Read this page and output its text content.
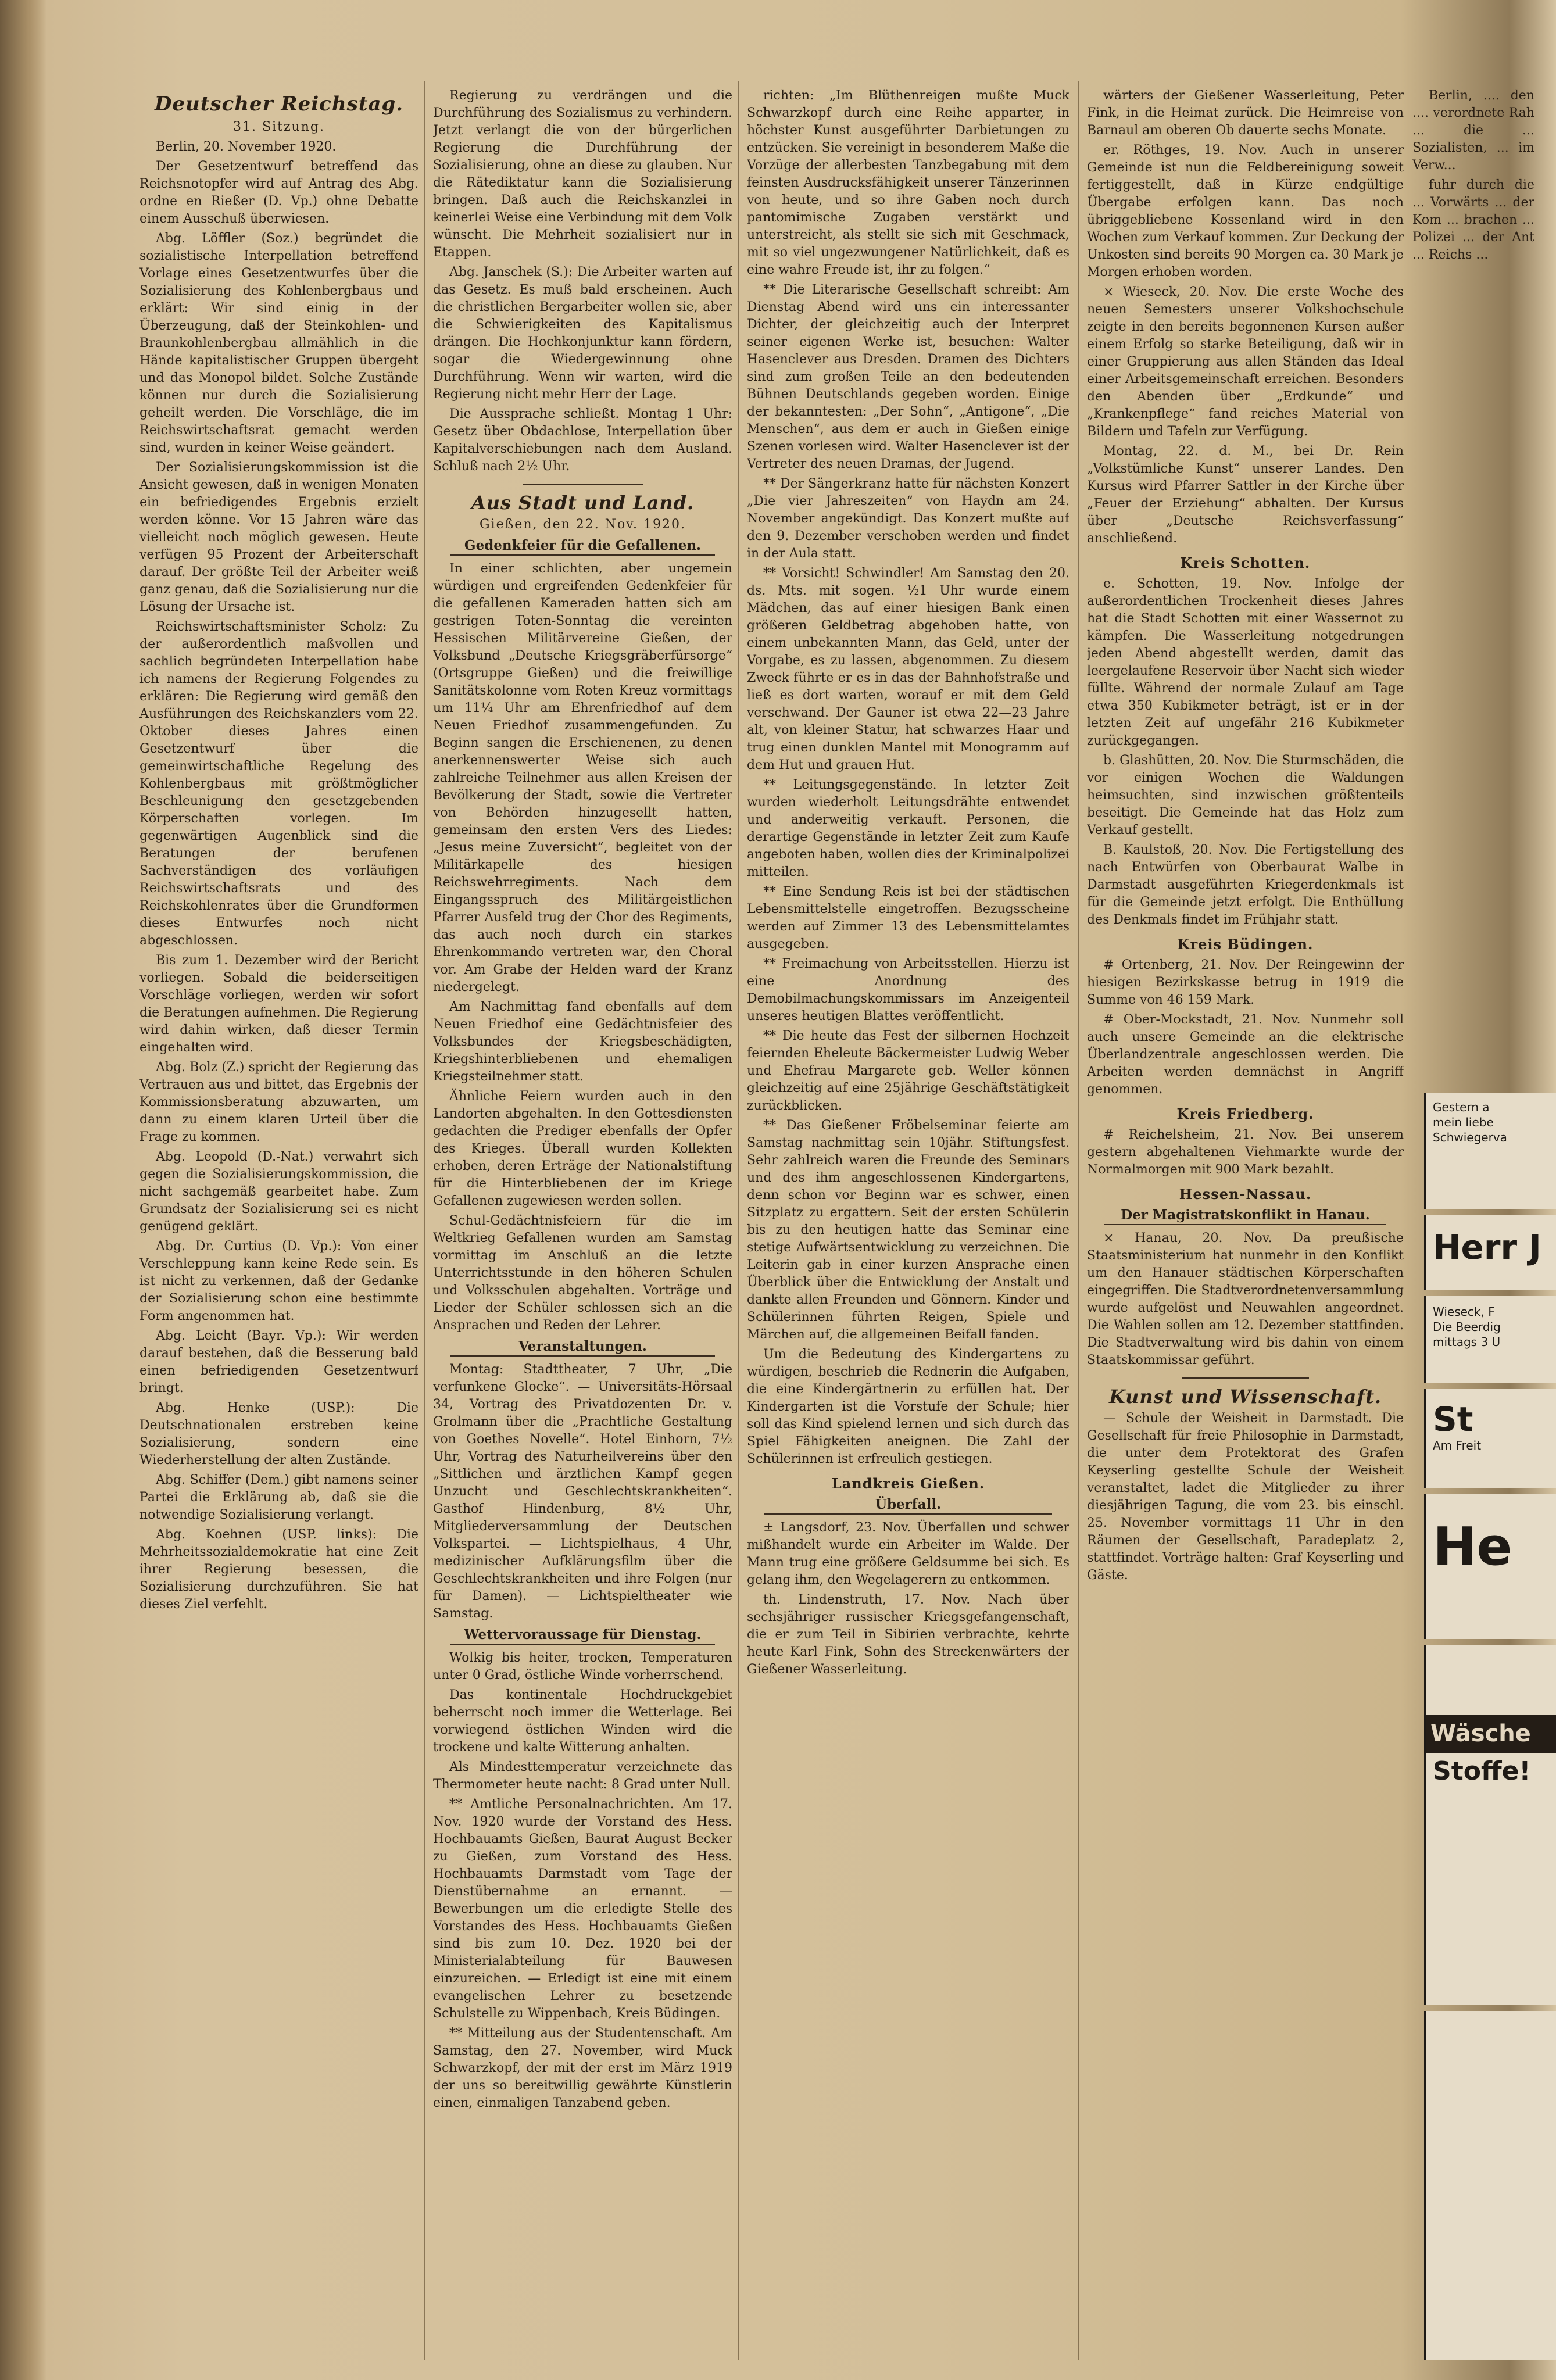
Deutscher Reichstag.
31. Sitzung.

Berlin, 20. November 1920.

Der Gesetzentwurf betreffend das Reichsnotopfer wird auf Antrag des Abg. ordne en Rießer (D. Vp.) ohne Debatte einem Ausschuß überwiesen.

Abg. Löffler (Soz.) begründet die sozialistische Interpellation betreffend Vorlage eines Gesetzentwurfes über die Sozialisierung des Kohlenbergbaus und erklärt: Wir sind einig in der Überzeugung, daß der Steinkohlen- und Braunkohlenbergbau allmählich in die Hände kapitalistischer Gruppen übergeht und das Monopol bildet. Solche Zustände können nur durch die Sozialisierung geheilt werden. Die Vorschläge, die im Reichswirtschaftsrat gemacht werden sind, wurden in keiner Weise geändert.

Der Sozialisierungskommission ist die Ansicht gewesen, daß in wenigen Monaten ein befriedigendes Ergebnis erzielt werden könne. Vor 15 Jahren wäre das vielleicht noch möglich gewesen. Heute verfügen 95 Prozent der Arbeiterschaft darauf. Der größte Teil der Arbeiter weiß ganz genau, daß die Sozialisierung nur die Lösung der Ursache ist.

Reichswirtschaftsminister Scholz: Zu der außerordentlich maßvollen und sachlich begründeten Interpellation habe ich namens der Regierung Folgendes zu erklären: Die Regierung wird gemäß den Ausführungen des Reichskanzlers vom 22. Oktober dieses Jahres einen Gesetzentwurf über die gemeinwirtschaftliche Regelung des Kohlenbergbaus mit größtmöglicher Beschleunigung den gesetzgebenden Körperschaften vorlegen. Im gegenwärtigen Augenblick sind die Beratungen der berufenen Sachverständigen des vorläufigen Reichswirtschaftsrats und des Reichskohlenrates über die Grundformen dieses Entwurfes noch nicht abgeschlossen.

Bis zum 1. Dezember wird der Bericht vorliegen. Sobald die beiderseitigen Vorschläge vorliegen, werden wir sofort die Beratungen aufnehmen. Die Regierung wird dahin wirken, daß dieser Termin eingehalten wird.

Abg. Bolz (Z.) spricht der Regierung das Vertrauen aus und bittet, das Ergebnis der Kommissionsberatung abzuwarten, um dann zu einem klaren Urteil über die Frage zu kommen.

Abg. Leopold (D.-Nat.) verwahrt sich gegen die Sozialisierungskommission, die nicht sachgemäß gearbeitet habe. Zum Grundsatz der Sozialisierung sei es nicht genügend geklärt.

Abg. Dr. Curtius (D. Vp.): Von einer Verschleppung kann keine Rede sein. Es ist nicht zu verkennen, daß der Gedanke der Sozialisierung schon eine bestimmte Form angenommen hat.

Abg. Leicht (Bayr. Vp.): Wir werden darauf bestehen, daß die Besserung bald einen befriedigenden Gesetzentwurf bringt.

Abg. Henke (USP.): Die Deutschnationalen erstreben keine Sozialisierung, sondern eine Wiederherstellung der alten Zustände.

Abg. Schiffer (Dem.) gibt namens seiner Partei die Erklärung ab, daß sie die notwendige Sozialisierung verlangt.

Abg. Koehnen (USP. links): Die Mehrheitssozialdemokratie hat eine Zeit ihrer Regierung besessen, die Sozialisierung durchzuführen. Sie hat dieses Ziel verfehlt.

Regierung zu verdrängen und die Durchführung des Sozialismus zu verhindern. Jetzt verlangt die von der bürgerlichen Regierung die Durchführung der Sozialisierung, ohne an diese zu glauben. Nur die Rätediktatur kann die Sozialisierung bringen. Daß auch die Reichskanzlei in keinerlei Weise eine Verbindung mit dem Volk wünscht. Die Mehrheit sozialisiert nur in Etappen.

Abg. Janschek (S.): Die Arbeiter warten auf das Gesetz. Es muß bald erscheinen. Auch die christlichen Bergarbeiter wollen sie, aber die Schwierigkeiten des Kapitalismus drängen. Die Hochkonjunktur kann fördern, sogar die Wiedergewinnung ohne Durchführung. Wenn wir warten, wird die Regierung nicht mehr Herr der Lage.

Die Aussprache schließt. Montag 1 Uhr: Gesetz über Obdachlose, Interpellation über Kapitalverschiebungen nach dem Ausland. Schluß nach 2½ Uhr.

Aus Stadt und Land.
Gießen, den 22. Nov. 1920.
Gedenkfeier für die Gefallenen.

In einer schlichten, aber ungemein würdigen und ergreifenden Gedenkfeier für die gefallenen Kameraden hatten sich am gestrigen Toten-Sonntag die vereinten Hessischen Militärvereine Gießen, der Volksbund „Deutsche Kriegsgräberfürsorge“ (Ortsgruppe Gießen) und die freiwillige Sanitätskolonne vom Roten Kreuz vormittags um 11¼ Uhr am Ehrenfriedhof auf dem Neuen Friedhof zusammengefunden. Zu Beginn sangen die Erschienenen, zu denen anerkennenswerter Weise sich auch zahlreiche Teilnehmer aus allen Kreisen der Bevölkerung der Stadt, sowie die Vertreter von Behörden hinzugesellt hatten, gemeinsam den ersten Vers des Liedes: „Jesus meine Zuversicht“, begleitet von der Militärkapelle des hiesigen Reichswehrregiments. Nach dem Eingangsspruch des Militärgeistlichen Pfarrer Ausfeld trug der Chor des Regiments, das auch noch durch ein starkes Ehrenkommando vertreten war, den Choral vor. Am Grabe der Helden ward der Kranz niedergelegt.

Am Nachmittag fand ebenfalls auf dem Neuen Friedhof eine Gedächtnisfeier des Volksbundes der Kriegsbeschädigten, Kriegshinterbliebenen und ehemaligen Kriegsteilnehmer statt.

Ähnliche Feiern wurden auch in den Landorten abgehalten. In den Gottesdiensten gedachten die Prediger ebenfalls der Opfer des Krieges. Überall wurden Kollekten erhoben, deren Erträge der Nationalstiftung für die Hinterbliebenen der im Kriege Gefallenen zugewiesen werden sollen.

Schul-Gedächtnisfeiern für die im Weltkrieg Gefallenen wurden am Samstag vormittag im Anschluß an die letzte Unterrichtsstunde in den höheren Schulen und Volksschulen abgehalten. Vorträge und Lieder der Schüler schlossen sich an die Ansprachen und Reden der Lehrer.

Veranstaltungen.

Montag: Stadttheater, 7 Uhr, „Die verfunkene Glocke“. — Universitäts-Hörsaal 34, Vortrag des Privatdozenten Dr. v. Grolmann über die „Prachtliche Gestaltung von Goethes Novelle“. Hotel Einhorn, 7½ Uhr, Vortrag des Naturheilvereins über den „Sittlichen und ärztlichen Kampf gegen Unzucht und Geschlechtskrankheiten“. Gasthof Hindenburg, 8½ Uhr, Mitgliederversammlung der Deutschen Volkspartei. — Lichtspielhaus, 4 Uhr, medizinischer Aufklärungsfilm über die Geschlechtskrankheiten und ihre Folgen (nur für Damen). — Lichtspieltheater wie Samstag.

Wettervoraussage für Dienstag.

Wolkig bis heiter, trocken, Temperaturen unter 0 Grad, östliche Winde vorherrschend.

Das kontinentale Hochdruckgebiet beherrscht noch immer die Wetterlage. Bei vorwiegend östlichen Winden wird die trockene und kalte Witterung anhalten.

Als Mindesttemperatur verzeichnete das Thermometer heute nacht: 8 Grad unter Null.

** Amtliche Personalnachrichten. Am 17. Nov. 1920 wurde der Vorstand des Hess. Hochbauamts Gießen, Baurat August Becker zu Gießen, zum Vorstand des Hess. Hochbauamts Darmstadt vom Tage der Dienstübernahme an ernannt. — Bewerbungen um die erledigte Stelle des Vorstandes des Hess. Hochbauamts Gießen sind bis zum 10. Dez. 1920 bei der Ministerialabteilung für Bauwesen einzureichen. — Erledigt ist eine mit einem evangelischen Lehrer zu besetzende Schulstelle zu Wippenbach, Kreis Büdingen.

** Mitteilung aus der Studentenschaft. Am Samstag, den 27. November, wird Muck Schwarzkopf, der mit der erst im März 1919 der uns so bereitwillig gewährte Künstlerin einen, einmaligen Tanzabend geben.

richten: „Im Blüthenreigen mußte Muck Schwarzkopf durch eine Reihe apparter, in höchster Kunst ausgeführter Darbietungen zu entzücken. Sie vereinigt in besonderem Maße die Vorzüge der allerbesten Tanzbegabung mit dem feinsten Ausdrucksfähigkeit unserer Tänzerinnen von heute, und so ihre Gaben noch durch pantomimische Zugaben verstärkt und unterstreicht, als stellt sie sich mit Geschmack, mit so viel ungezwungener Natürlichkeit, daß es eine wahre Freude ist, ihr zu folgen.“

** Die Literarische Gesellschaft schreibt: Am Dienstag Abend wird uns ein interessanter Dichter, der gleichzeitig auch der Interpret seiner eigenen Werke ist, besuchen: Walter Hasenclever aus Dresden. Dramen des Dichters sind zum großen Teile an den bedeutenden Bühnen Deutschlands gegeben worden. Einige der bekanntesten: „Der Sohn“, „Antigone“, „Die Menschen“, aus dem er auch in Gießen einige Szenen vorlesen wird. Walter Hasenclever ist der Vertreter des neuen Dramas, der Jugend.

** Der Sängerkranz hatte für nächsten Konzert „Die vier Jahreszeiten“ von Haydn am 24. November angekündigt. Das Konzert mußte auf den 9. Dezember verschoben werden und findet in der Aula statt.

** Vorsicht! Schwindler! Am Samstag den 20. ds. Mts. mit sogen. ½1 Uhr wurde einem Mädchen, das auf einer hiesigen Bank einen größeren Geldbetrag abgehoben hatte, von einem unbekannten Mann, das Geld, unter der Vorgabe, es zu lassen, abgenommen. Zu diesem Zweck führte er es in das der Bahnhofstraße und ließ es dort warten, worauf er mit dem Geld verschwand. Der Gauner ist etwa 22—23 Jahre alt, von kleiner Statur, hat schwarzes Haar und trug einen dunklen Mantel mit Monogramm auf dem Hut und grauen Hut.

** Leitungsgegenstände. In letzter Zeit wurden wiederholt Leitungsdrähte entwendet und anderweitig verkauft. Personen, die derartige Gegenstände in letzter Zeit zum Kaufe angeboten haben, wollen dies der Kriminalpolizei mitteilen.

** Eine Sendung Reis ist bei der städtischen Lebensmittelstelle eingetroffen. Bezugsscheine werden auf Zimmer 13 des Lebensmittelamtes ausgegeben.

** Freimachung von Arbeitsstellen. Hierzu ist eine Anordnung des Demobilmachungskommissars im Anzeigenteil unseres heutigen Blattes veröffentlicht.

** Die heute das Fest der silbernen Hochzeit feiernden Eheleute Bäckermeister Ludwig Weber und Ehefrau Margarete geb. Weller können gleichzeitig auf eine 25jährige Geschäftstätigkeit zurückblicken.

** Das Gießener Fröbelseminar feierte am Samstag nachmittag sein 10jähr. Stiftungsfest. Sehr zahlreich waren die Freunde des Seminars und des ihm angeschlossenen Kindergartens, denn schon vor Beginn war es schwer, einen Sitzplatz zu ergattern. Seit der ersten Schülerin bis zu den heutigen hatte das Seminar eine stetige Aufwärtsentwicklung zu verzeichnen. Die Leiterin gab in einer kurzen Ansprache einen Überblick über die Entwicklung der Anstalt und dankte allen Freunden und Gönnern. Kinder und Schülerinnen führten Reigen, Spiele und Märchen auf, die allgemeinen Beifall fanden.

Um die Bedeutung des Kindergartens zu würdigen, beschrieb die Rednerin die Aufgaben, die eine Kindergärtnerin zu erfüllen hat. Der Kindergarten ist die Vorstufe der Schule; hier soll das Kind spielend lernen und sich durch das Spiel Fähigkeiten aneignen. Die Zahl der Schülerinnen ist erfreulich gestiegen.

Landkreis Gießen.
Überfall.

± Langsdorf, 23. Nov. Überfallen und schwer mißhandelt wurde ein Arbeiter im Walde. Der Mann trug eine größere Geldsumme bei sich. Es gelang ihm, den Wegelagerern zu entkommen.

th. Lindenstruth, 17. Nov. Nach über sechsjähriger russischer Kriegsgefangenschaft, die er zum Teil in Sibirien verbrachte, kehrte heute Karl Fink, Sohn des Streckenwärters der Gießener Wasserleitung.

wärters der Gießener Wasserleitung, Peter Fink, in die Heimat zurück. Die Heimreise von Barnaul am oberen Ob dauerte sechs Monate.

er. Röthges, 19. Nov. Auch in unserer Gemeinde ist nun die Feldbereinigung soweit fertiggestellt, daß in Kürze endgültige Übergabe erfolgen kann. Das noch übriggebliebene Kossenland wird in den Wochen zum Verkauf kommen. Zur Deckung der Unkosten sind bereits 90 Morgen ca. 30 Mark je Morgen erhoben worden.

× Wieseck, 20. Nov. Die erste Woche des neuen Semesters unserer Volkshochschule zeigte in den bereits begonnenen Kursen außer einem Erfolg so starke Beteiligung, daß wir in einer Gruppierung aus allen Ständen das Ideal einer Arbeitsgemeinschaft erreichen. Besonders den Abenden über „Erdkunde“ und „Krankenpflege“ fand reiches Material von Bildern und Tafeln zur Verfügung.

Montag, 22. d. M., bei Dr. Rein „Volkstümliche Kunst“ unserer Landes. Den Kursus wird Pfarrer Sattler in der Kirche über „Feuer der Erziehung“ abhalten. Der Kursus über „Deutsche Reichsverfassung“ anschließend.

Kreis Schotten.

e. Schotten, 19. Nov. Infolge der außerordentlichen Trockenheit dieses Jahres hat die Stadt Schotten mit einer Wassernot zu kämpfen. Die Wasserleitung notgedrungen jeden Abend abgestellt werden, damit das leergelaufene Reservoir über Nacht sich wieder füllte. Während der normale Zulauf am Tage etwa 350 Kubikmeter beträgt, ist er in der letzten Zeit auf ungefähr 216 Kubikmeter zurückgegangen.

b. Glashütten, 20. Nov. Die Sturmschäden, die vor einigen Wochen die Waldungen heimsuchten, sind inzwischen größtenteils beseitigt. Die Gemeinde hat das Holz zum Verkauf gestellt.

B. Kaulstoß, 20. Nov. Die Fertigstellung des nach Entwürfen von Oberbaurat Walbe in Darmstadt ausgeführten Kriegerdenkmals ist für die Gemeinde jetzt erfolgt. Die Enthüllung des Denkmals findet im Frühjahr statt.

Kreis Büdingen.

# Ortenberg, 21. Nov. Der Reingewinn der hiesigen Bezirkskasse betrug in 1919 die Summe von 46 159 Mark.

# Ober-Mockstadt, 21. Nov. Nunmehr soll auch unsere Gemeinde an die elektrische Überlandzentrale angeschlossen werden. Die Arbeiten werden demnächst in Angriff genommen.

Kreis Friedberg.

# Reichelsheim, 21. Nov. Bei unserem gestern abgehaltenen Viehmarkte wurde der Normalmorgen mit 900 Mark bezahlt.

Hessen-Nassau.
Der Magistratskonflikt in Hanau.

× Hanau, 20. Nov. Da preußische Staatsministerium hat nunmehr in den Konflikt um den Hanauer städtischen Körperschaften eingegriffen. Die Stadtverordnetenversammlung wurde aufgelöst und Neuwahlen angeordnet. Die Wahlen sollen am 12. Dezember stattfinden. Die Stadtverwaltung wird bis dahin von einem Staatskommissar geführt.

Kunst und Wissenschaft.

— Schule der Weisheit in Darmstadt. Die Gesellschaft für freie Philosophie in Darmstadt, die unter dem Protektorat des Grafen Keyserling gestellte Schule der Weisheit veranstaltet, ladet die Mitglieder zu ihrer diesjährigen Tagung, die vom 23. bis einschl. 25. November vormittags 11 Uhr in den Räumen der Gesellschaft, Paradeplatz 2, stattfindet. Vorträge halten: Graf Keyserling und Gäste.

Berlin, .... den .... verordnete Rah ... die ... Sozialisten, ... im Verw...

fuhr durch die ... Vorwärts ... der Kom ... brachen ... Polizei ... der Ant ... Reichs ...

Gestern a
mein liebe
Schwiegerva
Herr J
Wieseck, F
Die Beerdig
mittags 3 U
St
Am Freit
He
Wäsche
Stoffe!
